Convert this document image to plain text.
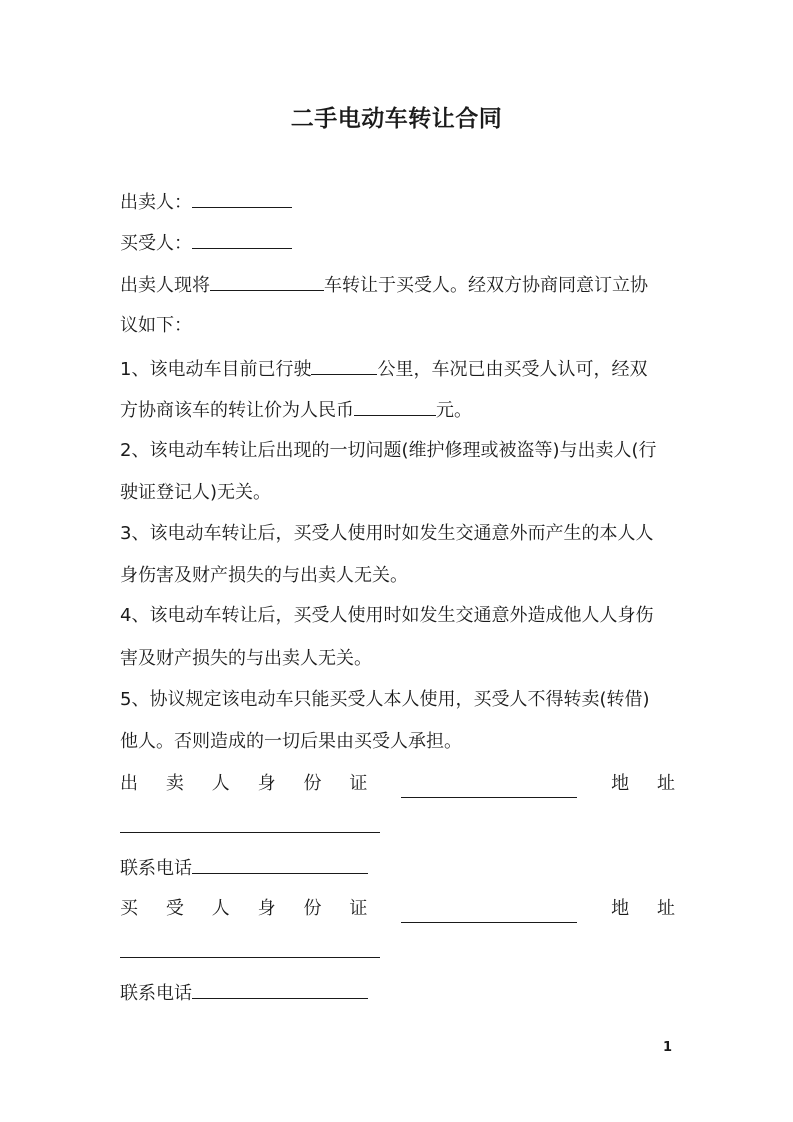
二手电动车转让合同
出卖人：
买受人：
出卖人现将	车转让于买受人。经双方协商同意订立协
议如下：
1、该电动车目前已行驶	公里，车况已由买受人认可，经双
方协商该车的转让价为人民币	元。
2、该电动车转让后出现的一切问题(维护修理或被盗等)与出卖人(行
驶证登记人)无关。
3、该电动车转让后，买受人使用时如发生交通意外而产生的本人人
身伤害及财产损失的与出卖人无关。
4、该电动车转让后，买受人使用时如发生交通意外造成他人人身伤
害及财产损失的与出卖人无关。
5、协议规定该电动车只能买受人本人使用，买受人不得转卖(转借)
他人。否则造成的一切后果由买受人承担。
出 卖 人 身 份 证	地 址
联系电话
买 受 人 身 份 证	地 址
联系电话
1
